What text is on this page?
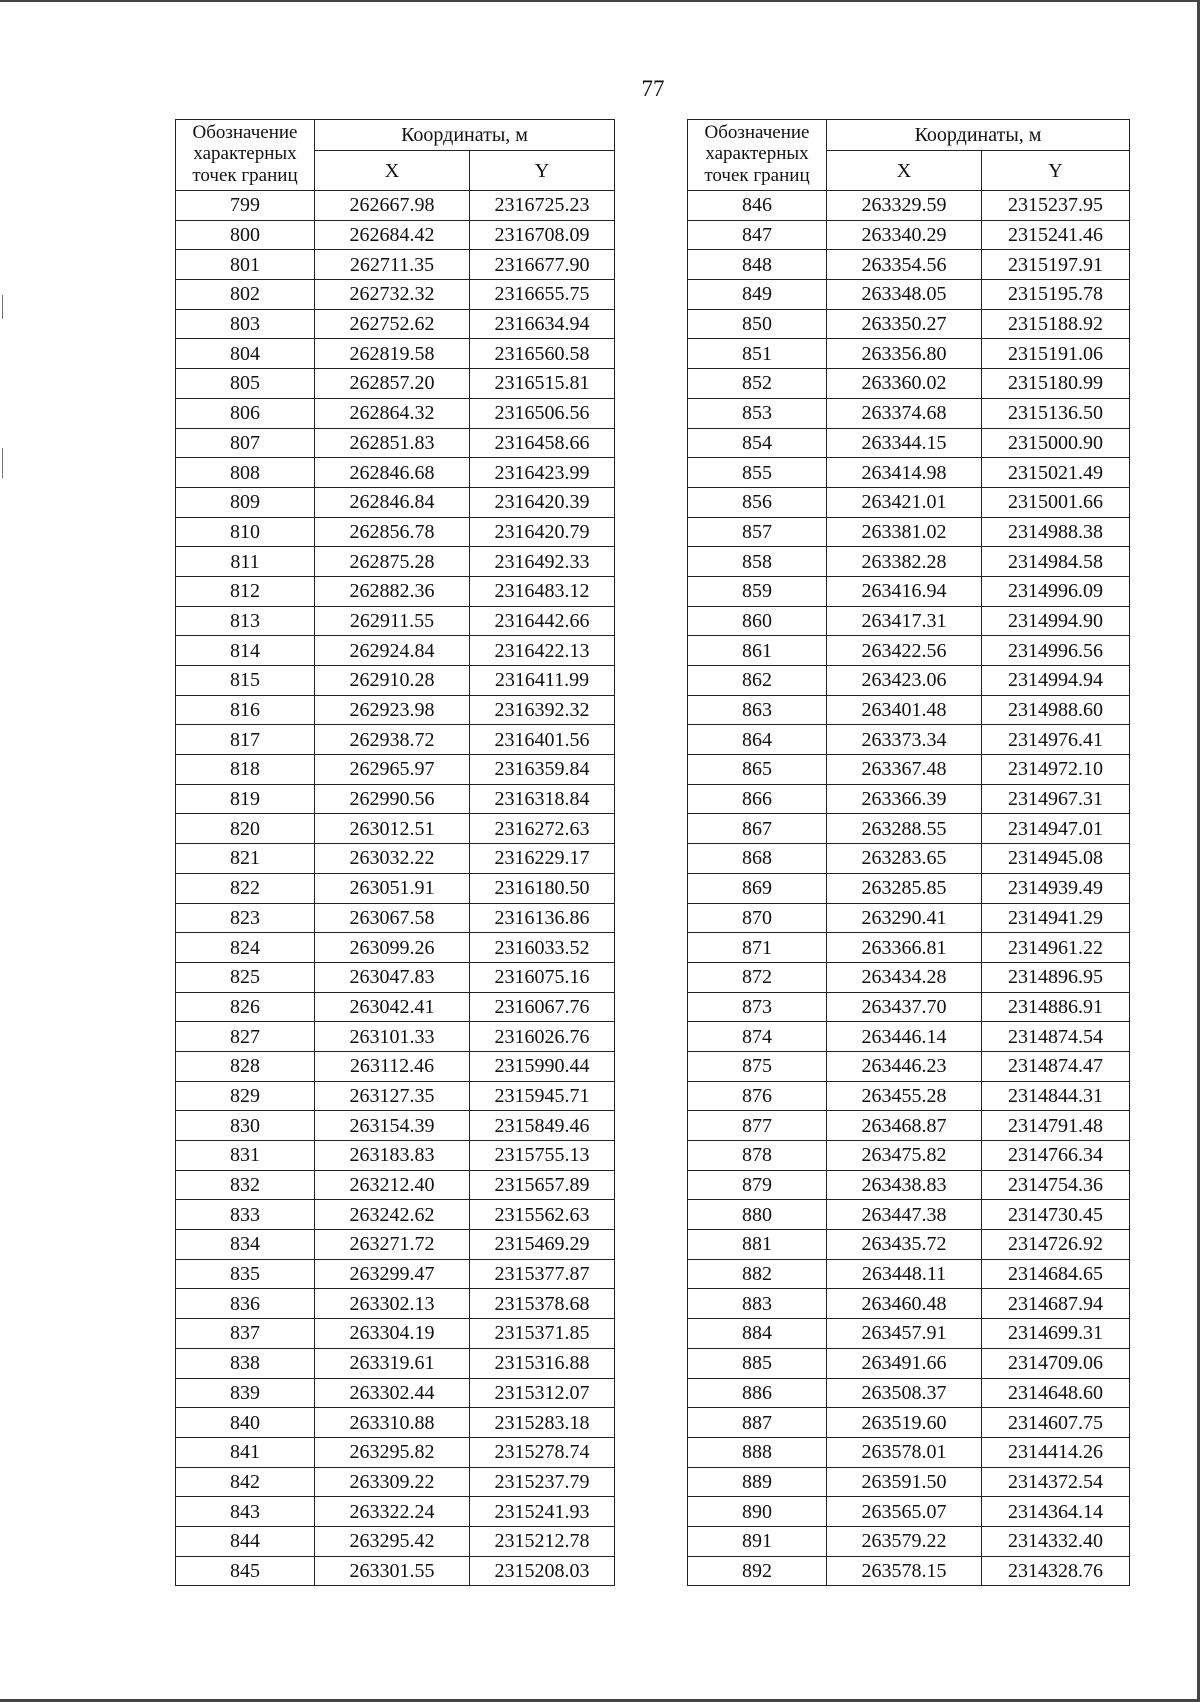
77
Обозначение характерных точек границ	Координаты, м	
	X	Y
799	262667.98	2316725.23
800	262684.42	2316708.09
801	262711.35	2316677.90
802	262732.32	2316655.75
803	262752.62	2316634.94
804	262819.58	2316560.58
805	262857.20	2316515.81
806	262864.32	2316506.56
807	262851.83	2316458.66
808	262846.68	2316423.99
809	262846.84	2316420.39
810	262856.78	2316420.79
811	262875.28	2316492.33
812	262882.36	2316483.12
813	262911.55	2316442.66
814	262924.84	2316422.13
815	262910.28	2316411.99
816	262923.98	2316392.32
817	262938.72	2316401.56
818	262965.97	2316359.84
819	262990.56	2316318.84
820	263012.51	2316272.63
821	263032.22	2316229.17
822	263051.91	2316180.50
823	263067.58	2316136.86
824	263099.26	2316033.52
825	263047.83	2316075.16
826	263042.41	2316067.76
827	263101.33	2316026.76
828	263112.46	2315990.44
829	263127.35	2315945.71
830	263154.39	2315849.46
831	263183.83	2315755.13
832	263212.40	2315657.89
833	263242.62	2315562.63
834	263271.72	2315469.29
835	263299.47	2315377.87
836	263302.13	2315378.68
837	263304.19	2315371.85
838	263319.61	2315316.88
839	263302.44	2315312.07
840	263310.88	2315283.18
841	263295.82	2315278.74
842	263309.22	2315237.79
843	263322.24	2315241.93
844	263295.42	2315212.78
845	263301.55	2315208.03
Обозначение характерных точек границ	Координаты, м	
	X	Y
846	263329.59	2315237.95
847	263340.29	2315241.46
848	263354.56	2315197.91
849	263348.05	2315195.78
850	263350.27	2315188.92
851	263356.80	2315191.06
852	263360.02	2315180.99
853	263374.68	2315136.50
854	263344.15	2315000.90
855	263414.98	2315021.49
856	263421.01	2315001.66
857	263381.02	2314988.38
858	263382.28	2314984.58
859	263416.94	2314996.09
860	263417.31	2314994.90
861	263422.56	2314996.56
862	263423.06	2314994.94
863	263401.48	2314988.60
864	263373.34	2314976.41
865	263367.48	2314972.10
866	263366.39	2314967.31
867	263288.55	2314947.01
868	263283.65	2314945.08
869	263285.85	2314939.49
870	263290.41	2314941.29
871	263366.81	2314961.22
872	263434.28	2314896.95
873	263437.70	2314886.91
874	263446.14	2314874.54
875	263446.23	2314874.47
876	263455.28	2314844.31
877	263468.87	2314791.48
878	263475.82	2314766.34
879	263438.83	2314754.36
880	263447.38	2314730.45
881	263435.72	2314726.92
882	263448.11	2314684.65
883	263460.48	2314687.94
884	263457.91	2314699.31
885	263491.66	2314709.06
886	263508.37	2314648.60
887	263519.60	2314607.75
888	263578.01	2314414.26
889	263591.50	2314372.54
890	263565.07	2314364.14
891	263579.22	2314332.40
892	263578.15	2314328.76
